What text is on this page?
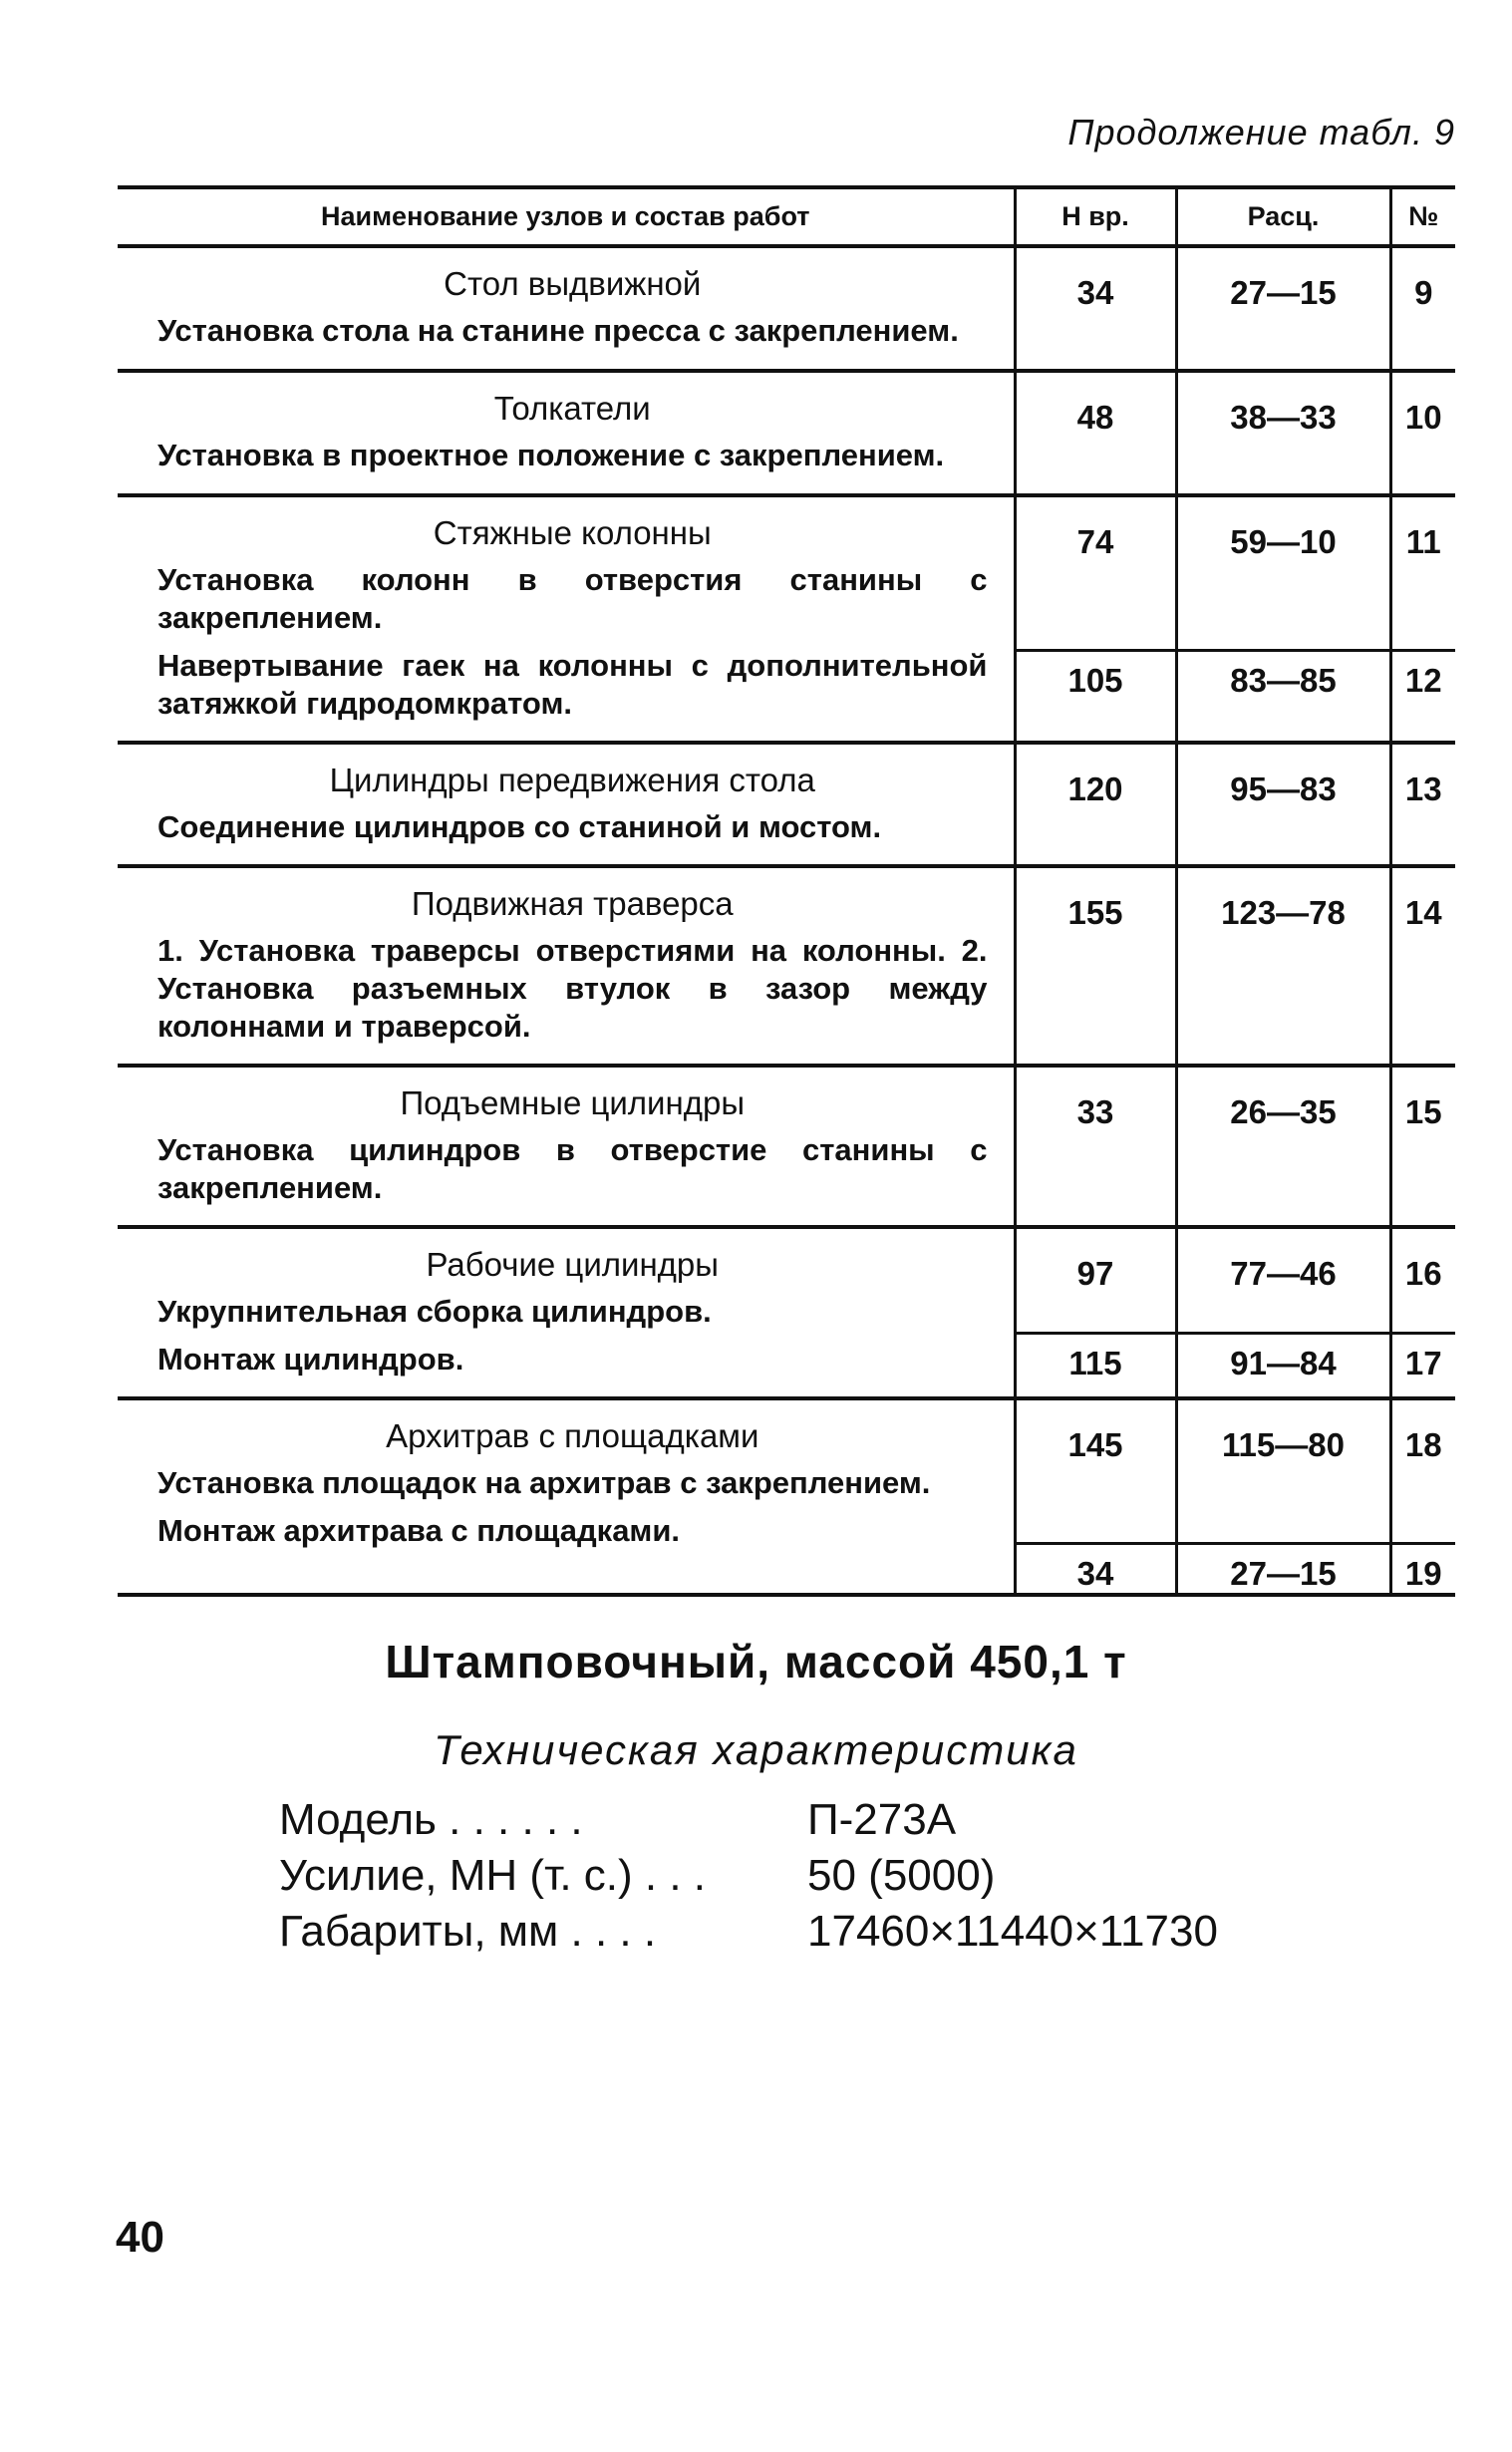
Продолжение табл. 9
Наименование узлов и состав работ	Н вр.	Расц.	№

Стол выдвижной
Установка стола на станине пресса с закреплением.	34	27—15	9

Толкатели
Установка в проектное положение с закреплением.	48	38—33	10

Стяжные колонны
Установка колонн в отверстия станины с закреплением.
Навертывание гаек на колонны с дополнительной затяжкой гидродомкратом.	74	59—10	11
	105	83—85	12

Цилиндры передвижения стола
Соединение цилиндров со станиной и мостом.	120	95—83	13

Подвижная траверса
1. Установка траверсы отверстиями на колонны. 2. Установка разъемных втулок в зазор между колоннами и траверсой.	155	123—78	14

Подъемные цилиндры
Установка цилиндров в отверстие станины с закреплением.	33	26—35	15

Рабочие цилиндры
Укрупнительная сборка цилиндров.
Монтаж цилиндров.	97	77—46	16
	115	91—84	17

Архитрав с площадками
Установка площадок на архитрав с закреплением.
Монтаж архитрава с площадками.	145	115—80	18
	34	27—15	19
Штамповочный, массой 450,1 т
Техническая характеристика
Модель . . . . . .	П-273А
Усилие, МН (т. с.) . . .	50 (5000)
Габариты, мм . . . .	17460×11440×11730
40
